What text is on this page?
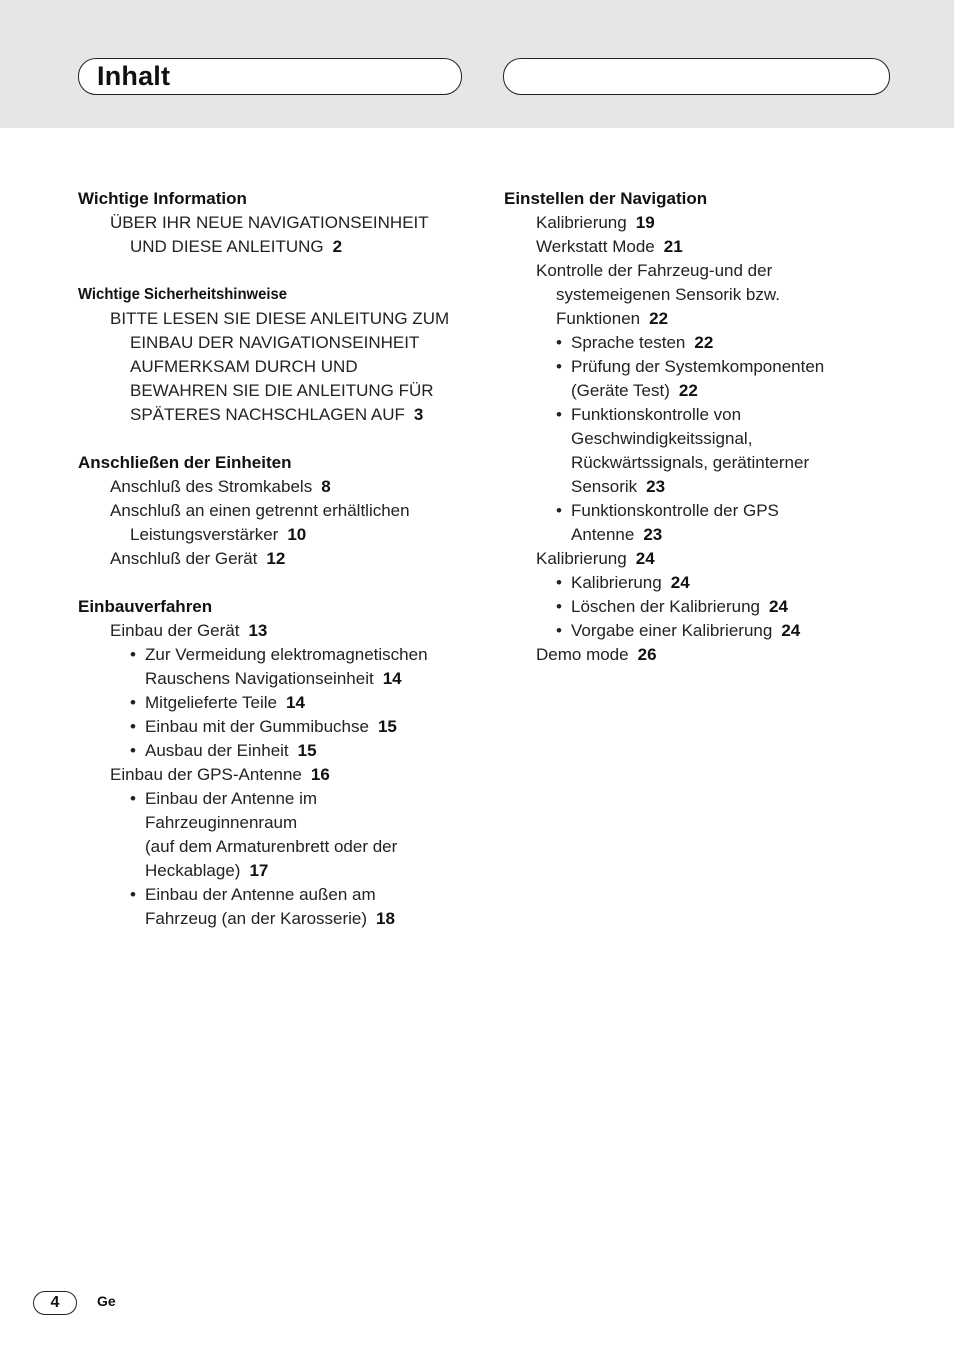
Inhalt
Wichtige Information
ÜBER IHR NEUE NAVIGATIONSEINHEIT
UND DIESE ANLEITUNG 2
Wichtige Sicherheitshinweise
BITTE LESEN SIE DIESE ANLEITUNG ZUM
EINBAU DER NAVIGATIONSEINHEIT
AUFMERKSAM DURCH UND
BEWAHREN SIE DIE ANLEITUNG FÜR
SPÄTERES NACHSCHLAGEN AUF 3
Anschließen der Einheiten
Anschluß des Stromkabels 8
Anschluß an einen getrennt erhältlichen
Leistungsverstärker 10
Anschluß der Gerät 12
Einbauverfahren
Einbau der Gerät 13
• Zur Vermeidung elektromagnetischen
Rauschens Navigationseinheit 14
• Mitgelieferte Teile 14
• Einbau mit der Gummibuchse 15
• Ausbau der Einheit 15
Einbau der GPS-Antenne 16
• Einbau der Antenne im
Fahrzeuginnenraum
(auf dem Armaturenbrett oder der
Heckablage) 17
• Einbau der Antenne außen am
Fahrzeug (an der Karosserie) 18
Einstellen der Navigation
Kalibrierung 19
Werkstatt Mode 21
Kontrolle der Fahrzeug-und der
systemeigenen Sensorik bzw.
Funktionen 22
• Sprache testen 22
• Prüfung der Systemkomponenten
(Geräte Test) 22
• Funktionskontrolle von
Geschwindigkeitssignal,
Rückwärtssignals, gerätinterner
Sensorik 23
• Funktionskontrolle der GPS
Antenne 23
Kalibrierung 24
• Kalibrierung 24
• Löschen der Kalibrierung 24
• Vorgabe einer Kalibrierung 24
Demo mode 26
4	Ge
